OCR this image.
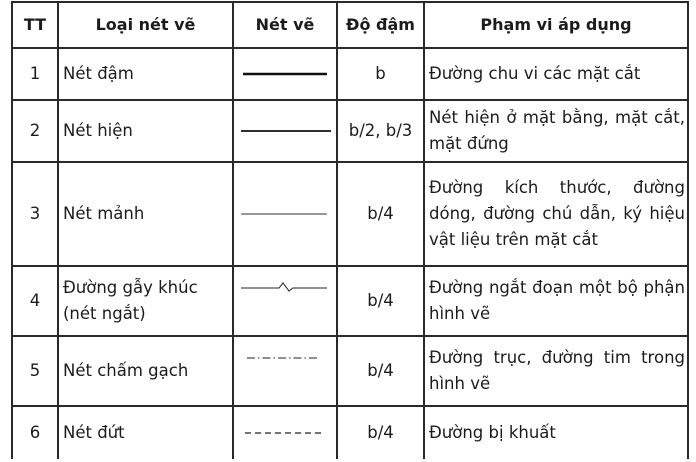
TT	Loại nét vẽ	Nét vẽ	Độ đậm	Phạm vi áp dụng
1	Nét đậm		b	Đường chu vi các mặt cắt
2	Nét hiện		b/2, b/3	Nét hiện ở mặt bằng, mặt cắt, mặt đứng
3	Nét mảnh		b/4	Đường kích thước, đường dóng, đường chú dẫn, ký hiệu vật liệu trên mặt cắt
4	Đường gẫy khúc (nét ngắt)		b/4	Đường ngắt đoạn một bộ phận hình vẽ
5	Nét chấm gạch		b/4	Đường trục, đường tim trong hình vẽ
6	Nét đứt		b/4	Đường bị khuất
